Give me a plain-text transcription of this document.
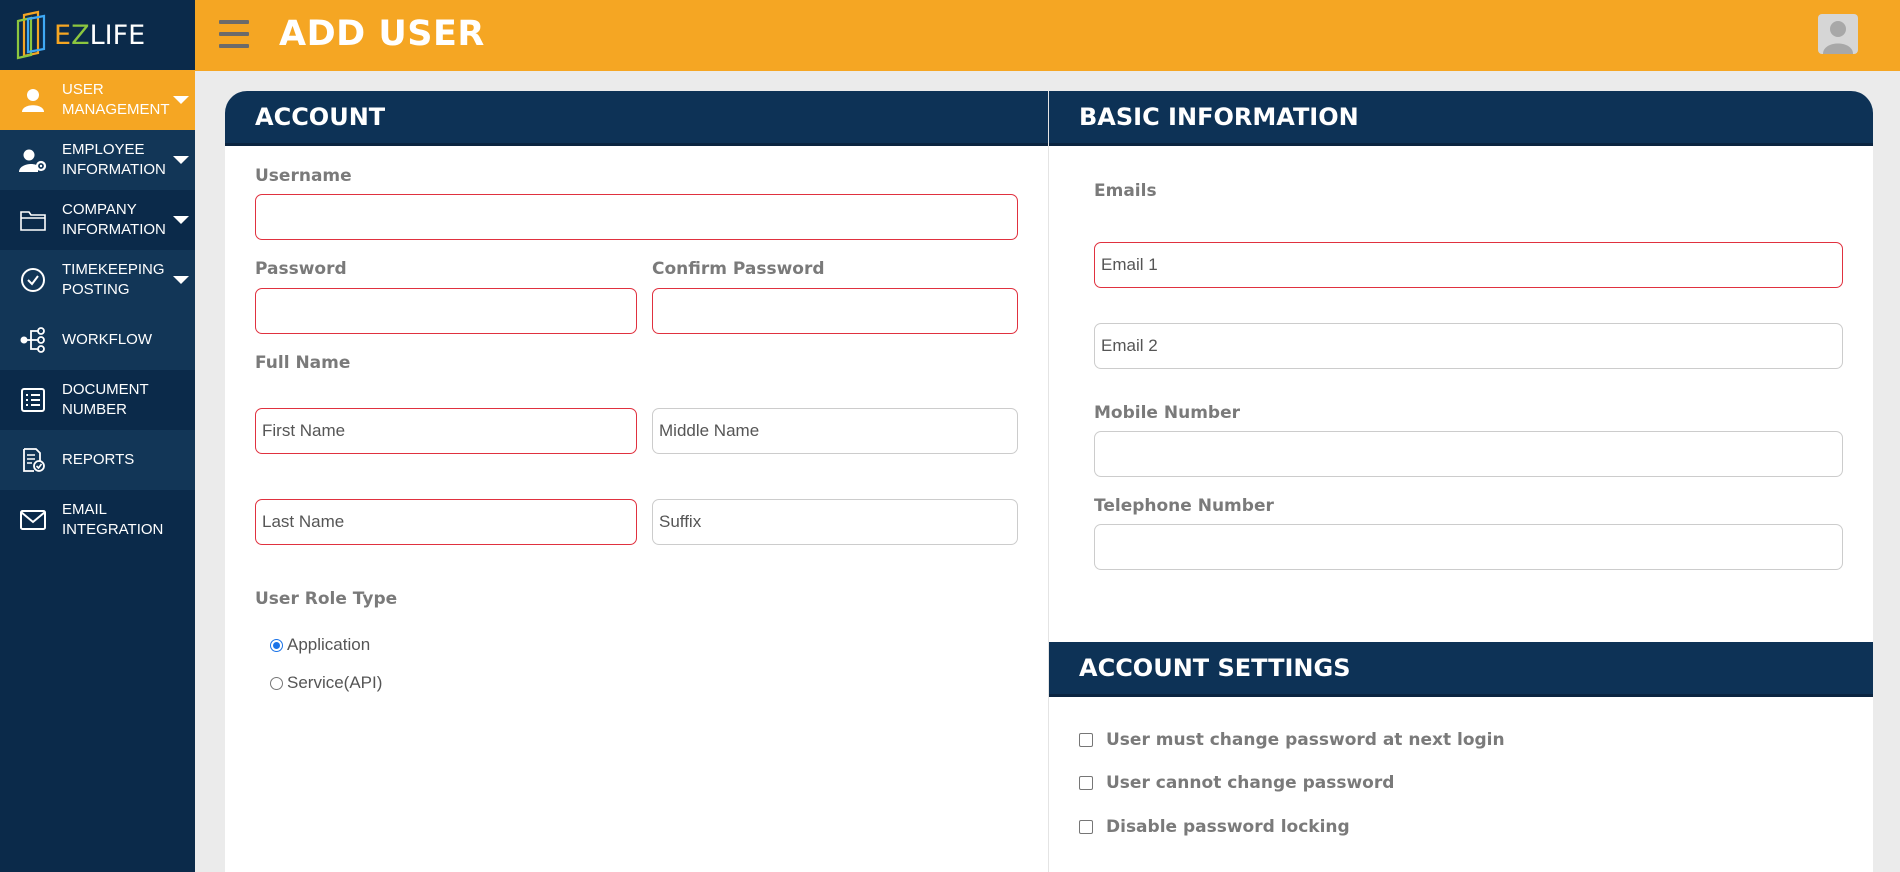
EZLIFE
USER MANAGEMENT
EMPLOYEE INFORMATION
COMPANY INFORMATION
TIMEKEEPING POSTING
WORKFLOW
DOCUMENT NUMBER
REPORTS
EMAIL INTEGRATION
ADD USER
ACCOUNT
Username
Password	Confirm Password
Full Name
First Name
Middle Name
Last Name
Suffix
User Role Type
Application
Service(API)
BASIC INFORMATION
Emails
Email 1
Email 2
Mobile Number
Telephone Number
ACCOUNT SETTINGS
User must change password at next login
User cannot change password
Disable password locking
